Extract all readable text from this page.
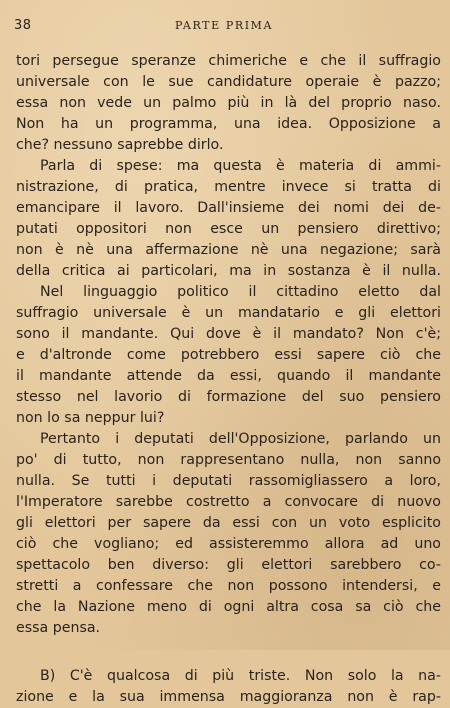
38	PARTE PRIMA
tori persegue speranze chimeriche e che il suffragio
universale con le sue candidature operaie è pazzo;
essa non vede un palmo più in là del proprio naso.
Non ha un programma, una idea. Opposizione a
che? nessuno saprebbe dirlo.
Parla di spese: ma questa è materia di ammi-
nistrazione, di pratica, mentre invece si tratta di
emancipare il lavoro. Dall'insieme dei nomi dei de-
putati oppositori non esce un pensiero direttivo;
non è nè una affermazione nè una negazione; sarà
della critica ai particolari, ma in sostanza è il nulla.
Nel linguaggio politico il cittadino eletto dal
suffragio universale è un mandatario e gli elettori
sono il mandante. Qui dove è il mandato? Non c'è;
e d'altronde come potrebbero essi sapere ciò che
il mandante attende da essi, quando il mandante
stesso nel lavorio di formazione del suo pensiero
non lo sa neppur lui?
Pertanto i deputati dell'Opposizione, parlando un
po' di tutto, non rappresentano nulla, non sanno
nulla. Se tutti i deputati rassomigliassero a loro,
l'Imperatore sarebbe costretto a convocare di nuovo
gli elettori per sapere da essi con un voto esplicito
ciò che vogliano; ed assisteremmo allora ad uno
spettacolo ben diverso: gli elettori sarebbero co-
stretti a confessare che non possono intendersi, e
che la Nazione meno di ogni altra cosa sa ciò che
essa pensa.
B) C'è qualcosa di più triste. Non solo la na-
zione e la sua immensa maggioranza non è rap-
